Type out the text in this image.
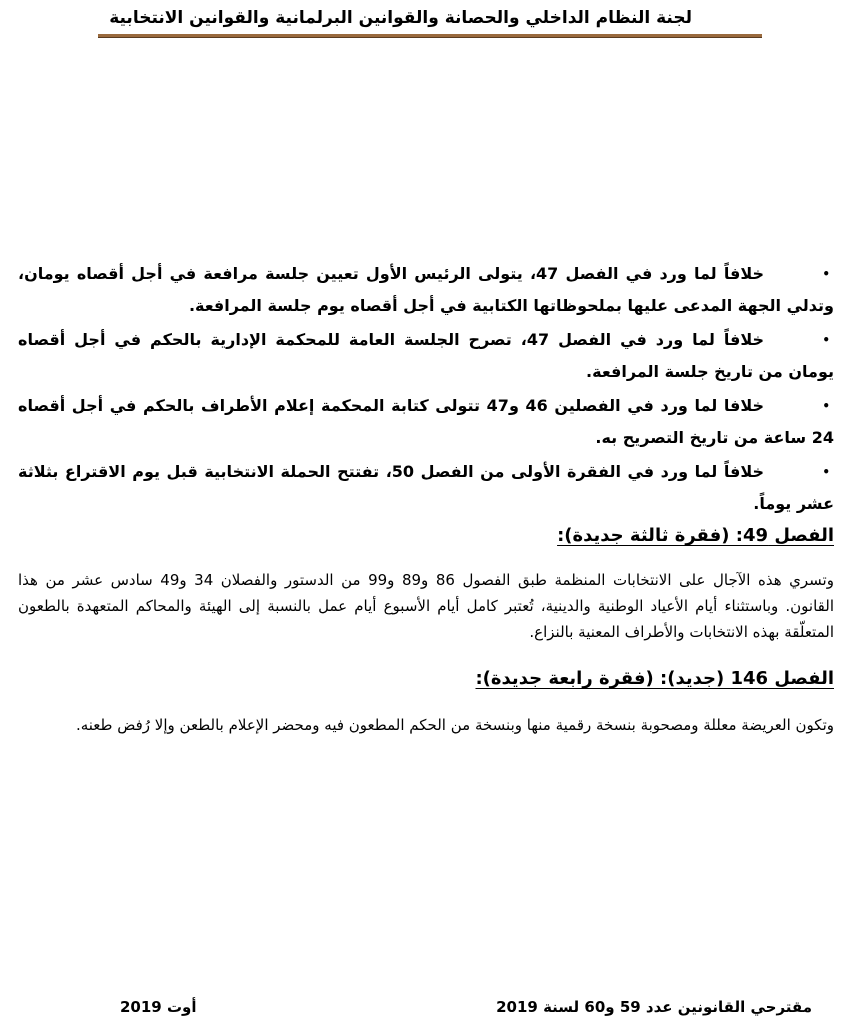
لجنة النظام الداخلي والحصانة والقوانين البرلمانية والقوانين الانتخابية
•
خلافاً لما ورد في الفصل 47، يتولى الرئيس الأول تعيين جلسة مرافعة في أجل أقصاه يومان، وتدلي الجهة المدعى عليها بملحوظاتها الكتابية في أجل أقصاه يوم جلسة المرافعة.
•
خلافاً لما ورد في الفصل 47، تصرح الجلسة العامة للمحكمة الإدارية بالحكم في أجل أقصاه يومان من تاريخ جلسة المرافعة.
•
خلافا لما ورد في الفصلين 46 و47 تتولى كتابة المحكمة إعلام الأطراف بالحكم في أجل أقصاه 24 ساعة من تاريخ التصريح به.
•
خلافاً لما ورد في الفقرة الأولى من الفصل 50، تفتتح الحملة الانتخابية قبل يوم الاقتراع بثلاثة عشر يوماً.
الفصل 49: (فقرة ثالثة جديدة):
وتسري هذه الآجال على الانتخابات المنظمة طبق الفصول 86 و89 و99 من الدستور والفصلان 34 و49 سادس عشر من هذا القانون. وباستثناء أيام الأعياد الوطنية والدينية، تُعتبر كامل أيام الأسبوع أيام عمل بالنسبة إلى الهيئة والمحاكم المتعهدة بالطعون المتعلّقة بهذه الانتخابات والأطراف المعنية بالنزاع.
الفصل 146 (جديد): (فقرة رابعة جديدة):
وتكون العريضة معللة ومصحوبة بنسخة رقمية منها وبنسخة من الحكم المطعون فيه ومحضر الإعلام بالطعن وإلا رُفض طعنه.
أوت 2019	مقترحي القانونين عدد 59 و60 لسنة 2019
